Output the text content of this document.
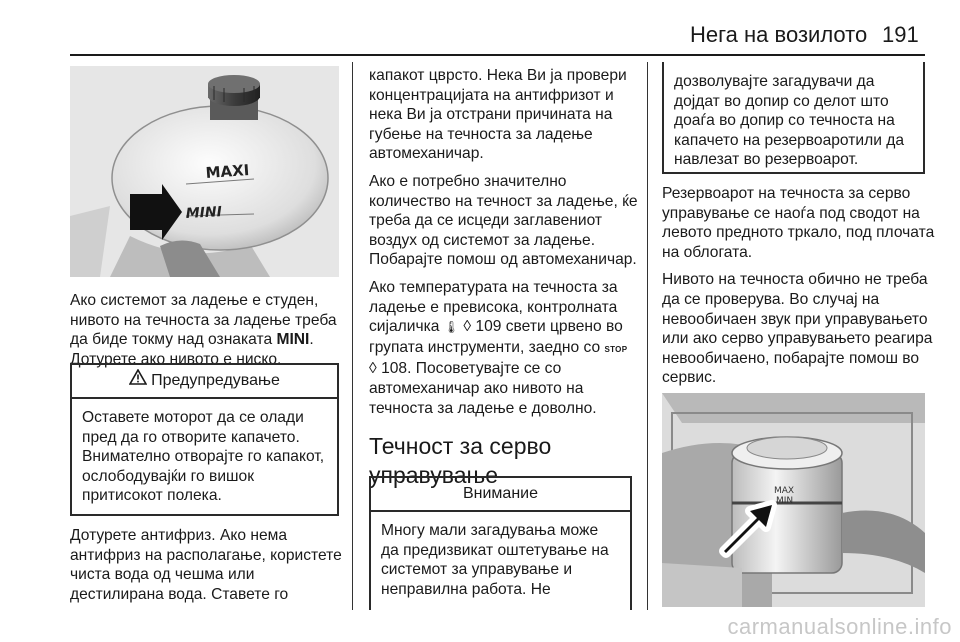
Нега на возилото 191
MAXI
MINI

Ако системот за ладење е студен, нивото на течноста за ладење треба да биде токму над ознаката MINI. Дотурете ако нивото е ниско.

Предупредување
Оставете моторот да се олади пред да го отворите капачето. Внимателно отворајте го капакот, ослободувајќи го вишок притисокот полека.

Дотурете антифриз. Ако нема антифриз на располагање, користете чиста вода од чешма или дестилирана вода. Ставете го

капакот цврсто. Нека Ви ја провери концентрацијата на антифризот и нека Ви ја отстрани причината на губење на течноста за ладење автомеханичар.

Ако е потребно значително количество на течност за ладење, ќе треба да се исцеди заглавениот воздух од системот за ладење. Побарајте помош од автомеханичар.

Ако температурата на течноста за ладење е превисока, контролната сијаличка 🌡︎ ◊ 109 свети црвено во групата инструменти, заедно со STOP ◊ 108. Посоветувајте се со автомеханичар ако нивото на течноста за ладење е доволно.

Течност за серво управување
Внимание
Многу мали загадувања може да предизвикат оштетување на системот за управување и неправилна работа. Не
дозволувајте загадувачи да дојдат во допир со делот што доаѓа во допир со течноста на капачето на резервоаротили да навлезат во резервоарот.

Резервоарот на течноста за серво управување се наоѓа под сводот на левото предното тркало, под плочата на облогата.

Нивото на течноста обично не треба да се проверува. Во случај на невообичаен звук при управувањето или ако серво управувањето реагира невообичаено, побарајте помош во сервис.

MAX
MIN
carmanualsonline.info
